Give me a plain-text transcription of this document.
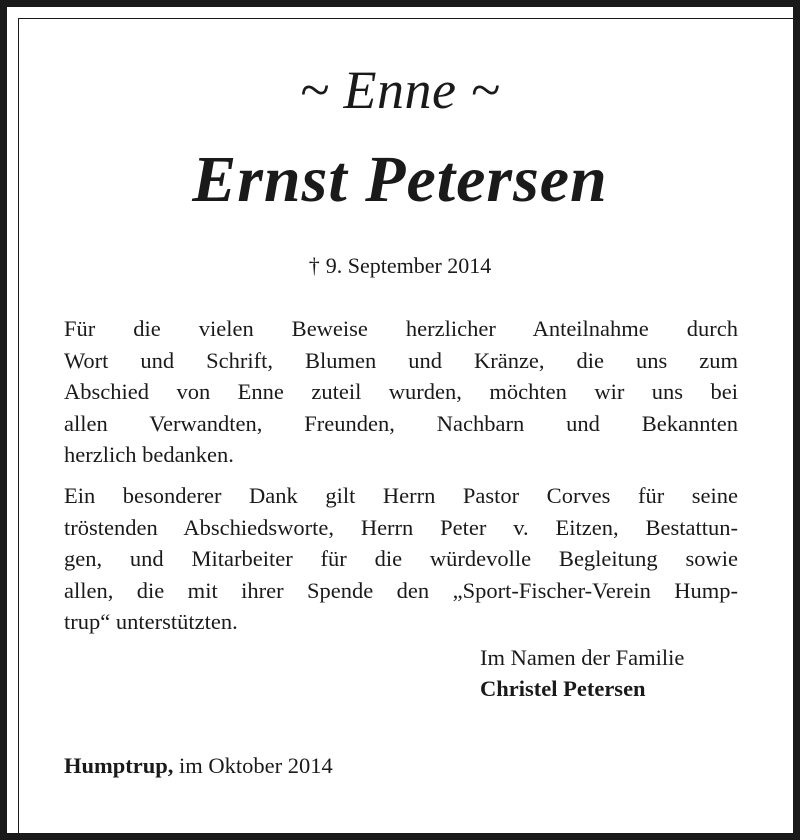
~ Enne ~
Ernst Petersen
† 9. September 2014
Für die vielen Beweise herzlicher Anteilnahme durch
Wort und Schrift, Blumen und Kränze, die uns zum
Abschied von Enne zuteil wurden, möchten wir uns bei
allen Verwandten, Freunden, Nachbarn und Bekannten
herzlich bedanken.
Ein besonderer Dank gilt Herrn Pastor Corves für seine
tröstenden Abschiedsworte, Herrn Peter v. Eitzen, Bestattun-
gen, und Mitarbeiter für die würdevolle Begleitung sowie
allen, die mit ihrer Spende den „Sport-Fischer-Verein Hump-
trup“ unterstützten.
Im Namen der Familie
Christel Petersen
Humptrup, im Oktober 2014
